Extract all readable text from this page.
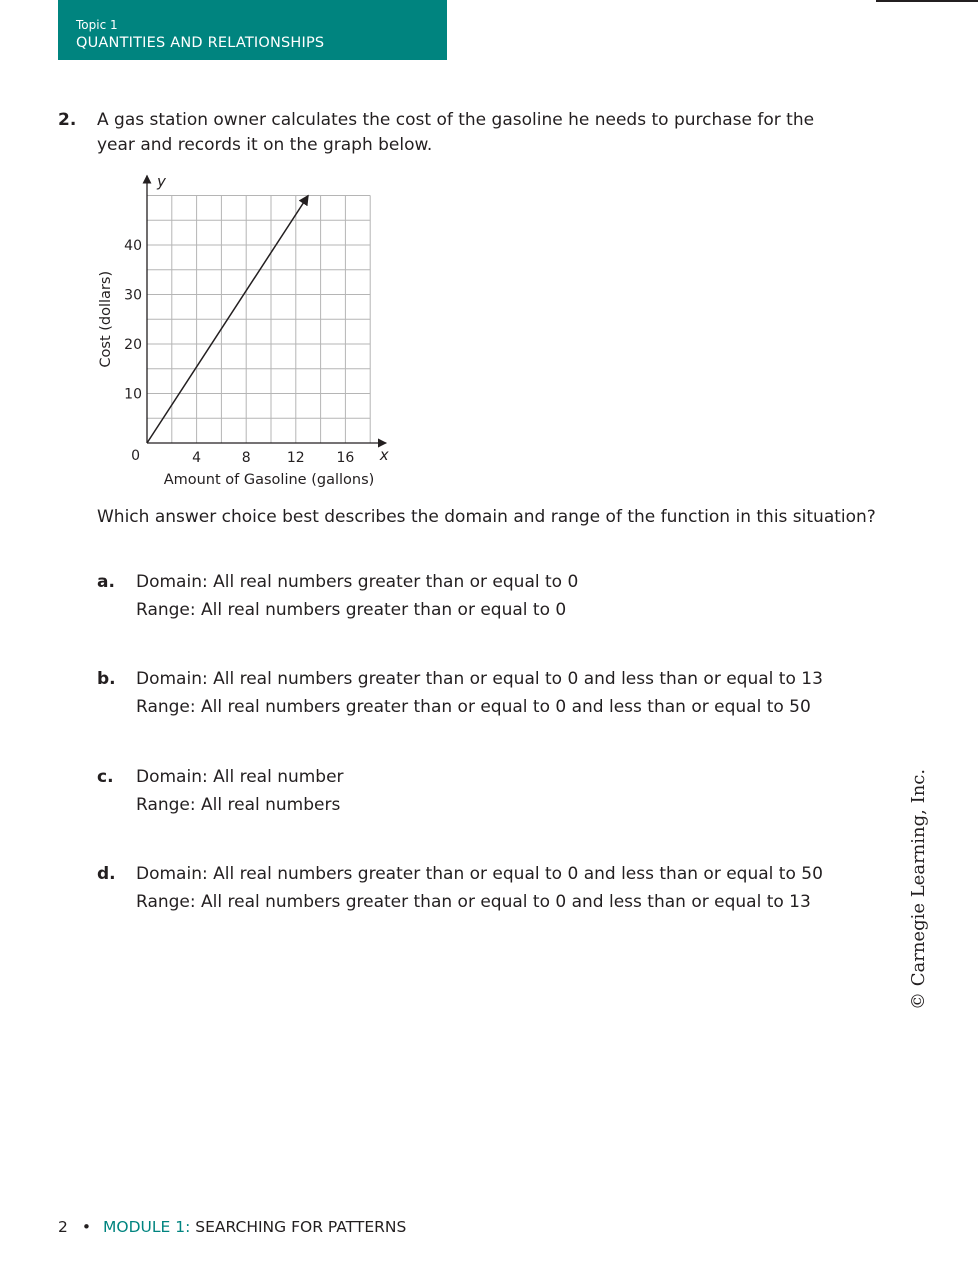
Topic 1
QUANTITIES AND RELATIONSHIPS
2. A gas station owner calculates the cost of the gasoline he needs to purchase for the year and records it on the graph below.
4	8	12 16
10
20
30
40
x
y
0
Amount of Gasoline (gallons)
Cost (dollars)
Which answer choice best describes the domain and range of the function in this situation?
a. Domain: All real numbers greater than or equal to 0
Range: All real numbers greater than or equal to 0
b. Domain: All real numbers greater than or equal to 0 and less than or equal to 13
Range: All real numbers greater than or equal to 0 and less than or equal to 50
c. Domain: All real number
Range: All real numbers
d. Domain: All real numbers greater than or equal to 0 and less than or equal to 50
Range: All real numbers greater than or equal to 0 and less than or equal to 13	© Carnegie Learning, Inc.
2 • MODULE 1: SEARCHING FOR PATTERNS
